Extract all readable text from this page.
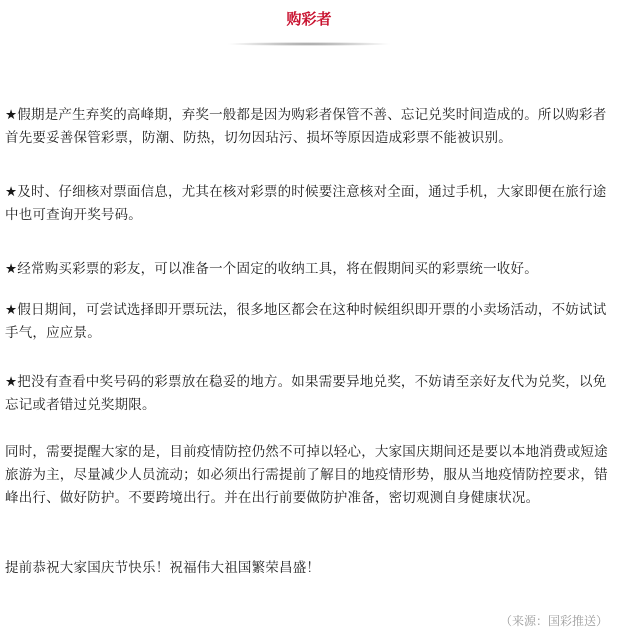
购彩者

★假期是产生弃奖的高峰期，弃奖一般都是因为购彩者保管不善、忘记兑奖时间造成的。所以购彩者首先要妥善保管彩票，防潮、防热，切勿因玷污、损坏等原因造成彩票不能被识别。

★及时、仔细核对票面信息，尤其在核对彩票的时候要注意核对全面，通过手机，大家即便在旅行途中也可查询开奖号码。

★经常购买彩票的彩友，可以准备一个固定的收纳工具，将在假期间买的彩票统一收好。

★假日期间，可尝试选择即开票玩法，很多地区都会在这种时候组织即开票的小卖场活动，不妨试试手气，应应景。

★把没有查看中奖号码的彩票放在稳妥的地方。如果需要异地兑奖，不妨请至亲好友代为兑奖，以免忘记或者错过兑奖期限。

同时，需要提醒大家的是，目前疫情防控仍然不可掉以轻心，大家国庆期间还是要以本地消费或短途旅游为主，尽量减少人员流动；如必须出行需提前了解目的地疫情形势，服从当地疫情防控要求，错峰出行、做好防护。不要跨境出行。并在出行前要做防护准备，密切观测自身健康状况。

提前恭祝大家国庆节快乐！祝福伟大祖国繁荣昌盛！

（来源：国彩推送）
